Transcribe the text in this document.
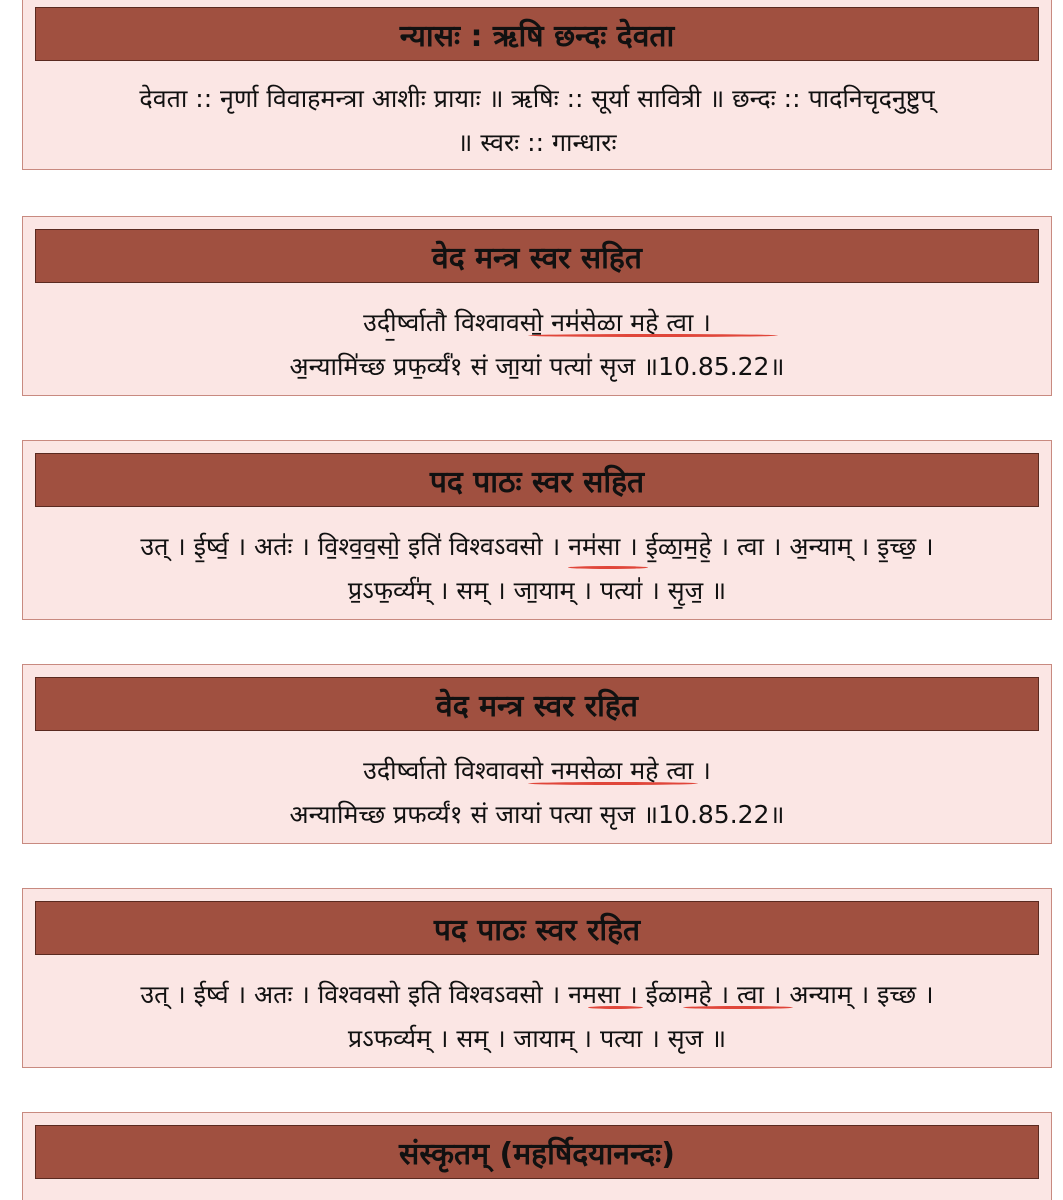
न्यासः : ऋषि छन्दः देवता
देवता :: नृर्णा विवाहमन्त्रा आशीः प्रायाः ॥ ऋषिः :: सूर्या सावित्री ॥ छन्दः :: पादनिचृदनुष्टुप्
॥ स्वरः :: गान्धारः
वेद मन्त्र स्वर सहित
उदी॒र्ष्वातौ विश्वावसो॒ नम॑सेळा महे त्वा ।
अ॒न्यामि॑च्छ प्रफ॒र्व्यं॑१ सं जा॒यां पत्या॑ सृज ॥10.85.22॥
पद पाठः स्वर सहित
उत् । ई॒र्ष्व॒ । अतः॑ । वि॒श्व॒व॒सो॒ इति॑ विश्वऽवसो । नम॑सा । ई॒ळा॒म॒हे॒ । त्वा । अ॒न्याम् । इ॒च्छ॒ ।
प्र॒ऽफ॒र्व्य॑म् । सम् । जा॒याम् । पत्या॑ । सृ॒ज॒ ॥
वेद मन्त्र स्वर रहित
उदीर्ष्वातो विश्वावसो नमसेळा महे त्वा ।
अन्यामिच्छ प्रफर्व्यं१ सं जायां पत्या सृज ॥10.85.22॥
पद पाठः स्वर रहित
उत् । ईर्ष्व । अतः । विश्ववसो इति विश्वऽवसो । नमसा । ईळामहे । त्वा । अन्याम् । इच्छ ।
प्रऽफर्व्यम् । सम् । जायाम् । पत्या । सृज ॥
संस्कृतम् (महर्षिदयानन्दः)
